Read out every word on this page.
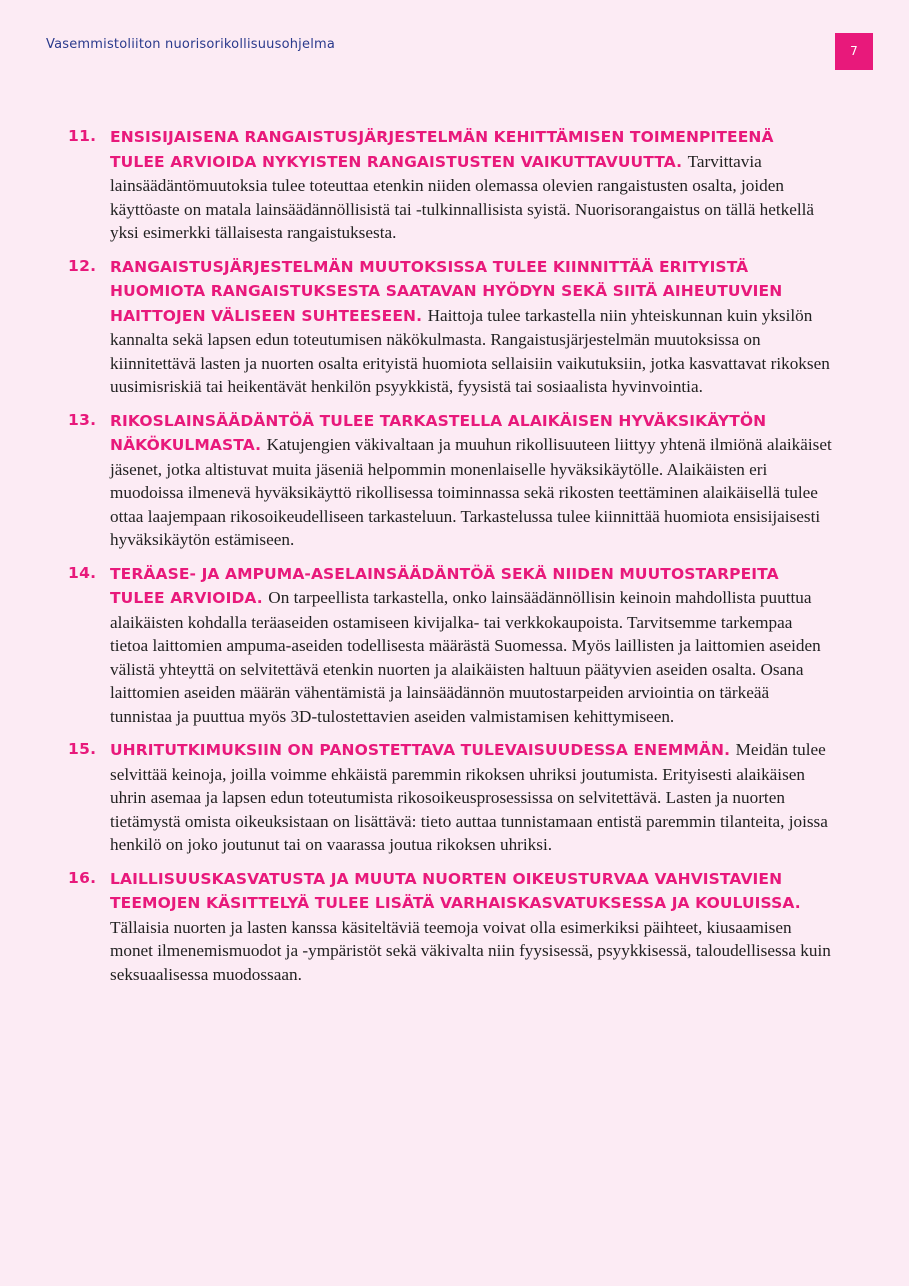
Vasemmistoliiton nuorisorikollisuusohjelma	7
11. ENSISIJAISENA RANGAISTUSJÄRJESTELMÄN KEHITTÄMISEN TOIMENPITEENÄ TULEE ARVIOIDA NYKYISTEN RANGAISTUSTEN VAIKUTTAVUUTTA. Tarvittavia lainsäädäntömuutoksia tulee toteuttaa etenkin niiden olemassa olevien rangaistusten osalta, joiden käyttöaste on matala lainsäädännöllisistä tai -tulkinnallisista syistä. Nuorisorangaistus on tällä hetkellä yksi esimerkki tällaisesta rangaistuksesta.
12. RANGAISTUSJÄRJESTELMÄN MUUTOKSISSA TULEE KIINNITTÄÄ ERITYISTÄ HUOMIOTA RANGAISTUKSESTA SAATAVAN HYÖDYN SEKÄ SIITÄ AIHEUTUVIEN HAITTOJEN VÄLISEEN SUHTEESEEN. Haittoja tulee tarkastella niin yhteiskunnan kuin yksilön kannalta sekä lapsen edun toteutumisen näkökulmasta. Rangaistusjärjestelmän muutoksissa on kiinnitettävä lasten ja nuorten osalta erityistä huomiota sellaisiin vaikutuksiin, jotka kasvattavat rikoksen uusimisriskiä tai heikentävät henkilön psyykkistä, fyysistä tai sosiaalista hyvinvointia.
13. RIKOSLAINSÄÄDÄNTÖÄ TULEE TARKASTELLA ALAIKÄISEN HYVÄKSIKÄYTÖN NÄKÖKULMASTA. Katujengien väkivaltaan ja muuhun rikollisuuteen liittyy yhtenä ilmiönä alaikäiset jäsenet, jotka altistuvat muita jäseniä helpommin monenlaiselle hyväksikäytölle. Alaikäisten eri muodoissa ilmenevä hyväksikäyttö rikollisessa toiminnassa sekä rikosten teettäminen alaikäisellä tulee ottaa laajempaan rikosoikeudelliseen tarkasteluun. Tarkastelussa tulee kiinnittää huomiota ensisijaisesti hyväksikäytön estämiseen.
14. TERÄASE- JA AMPUMA-ASELAINSÄÄDÄNTÖÄ SEKÄ NIIDEN MUUTOSTARPEITA TULEE ARVIOIDA. On tarpeellista tarkastella, onko lainsäädännöllisin keinoin mahdollista puuttua alaikäisten kohdalla teräaseiden ostamiseen kivijalka- tai verkkokaupoista. Tarvitsemme tarkempaa tietoa laittomien ampuma-aseiden todellisesta määrästä Suomessa. Myös laillisten ja laittomien aseiden välistä yhteyttä on selvitettävä etenkin nuorten ja alaikäisten haltuun päätyvien aseiden osalta. Osana laittomien aseiden määrän vähentämistä ja lainsäädännön muutostarpeiden arviointia on tärkeää tunnistaa ja puuttua myös 3D-tulostettavien aseiden valmistamisen kehittymiseen.
15. UHRITUTKIMUKSIIN ON PANOSTETTAVA TULEVAISUUDESSA ENEMMÄN. Meidän tulee selvittää keinoja, joilla voimme ehkäistä paremmin rikoksen uhriksi joutumista. Erityisesti alaikäisen uhrin asemaa ja lapsen edun toteutumista rikosoikeusprosessissa on selvitettävä. Lasten ja nuorten tietämystä omista oikeuksistaan on lisättävä: tieto auttaa tunnistamaan entistä paremmin tilanteita, joissa henkilö on joko joutunut tai on vaarassa joutua rikoksen uhriksi.
16. LAILLISUUSKASVATUSTA JA MUUTA NUORTEN OIKEUSTURVAA VAHVISTAVIEN TEEMOJEN KÄSITTELYÄ TULEE LISÄTÄ VARHAISKASVATUKSESSA JA KOULUISSA. Tällaisia nuorten ja lasten kanssa käsiteltäviä teemoja voivat olla esimerkiksi päihteet, kiusaamisen monet ilmenemismuodot ja -ympäristöt sekä väkivalta niin fyysisessä, psyykkisessä, taloudellisessa kuin seksuaalisessa muodossaan.
